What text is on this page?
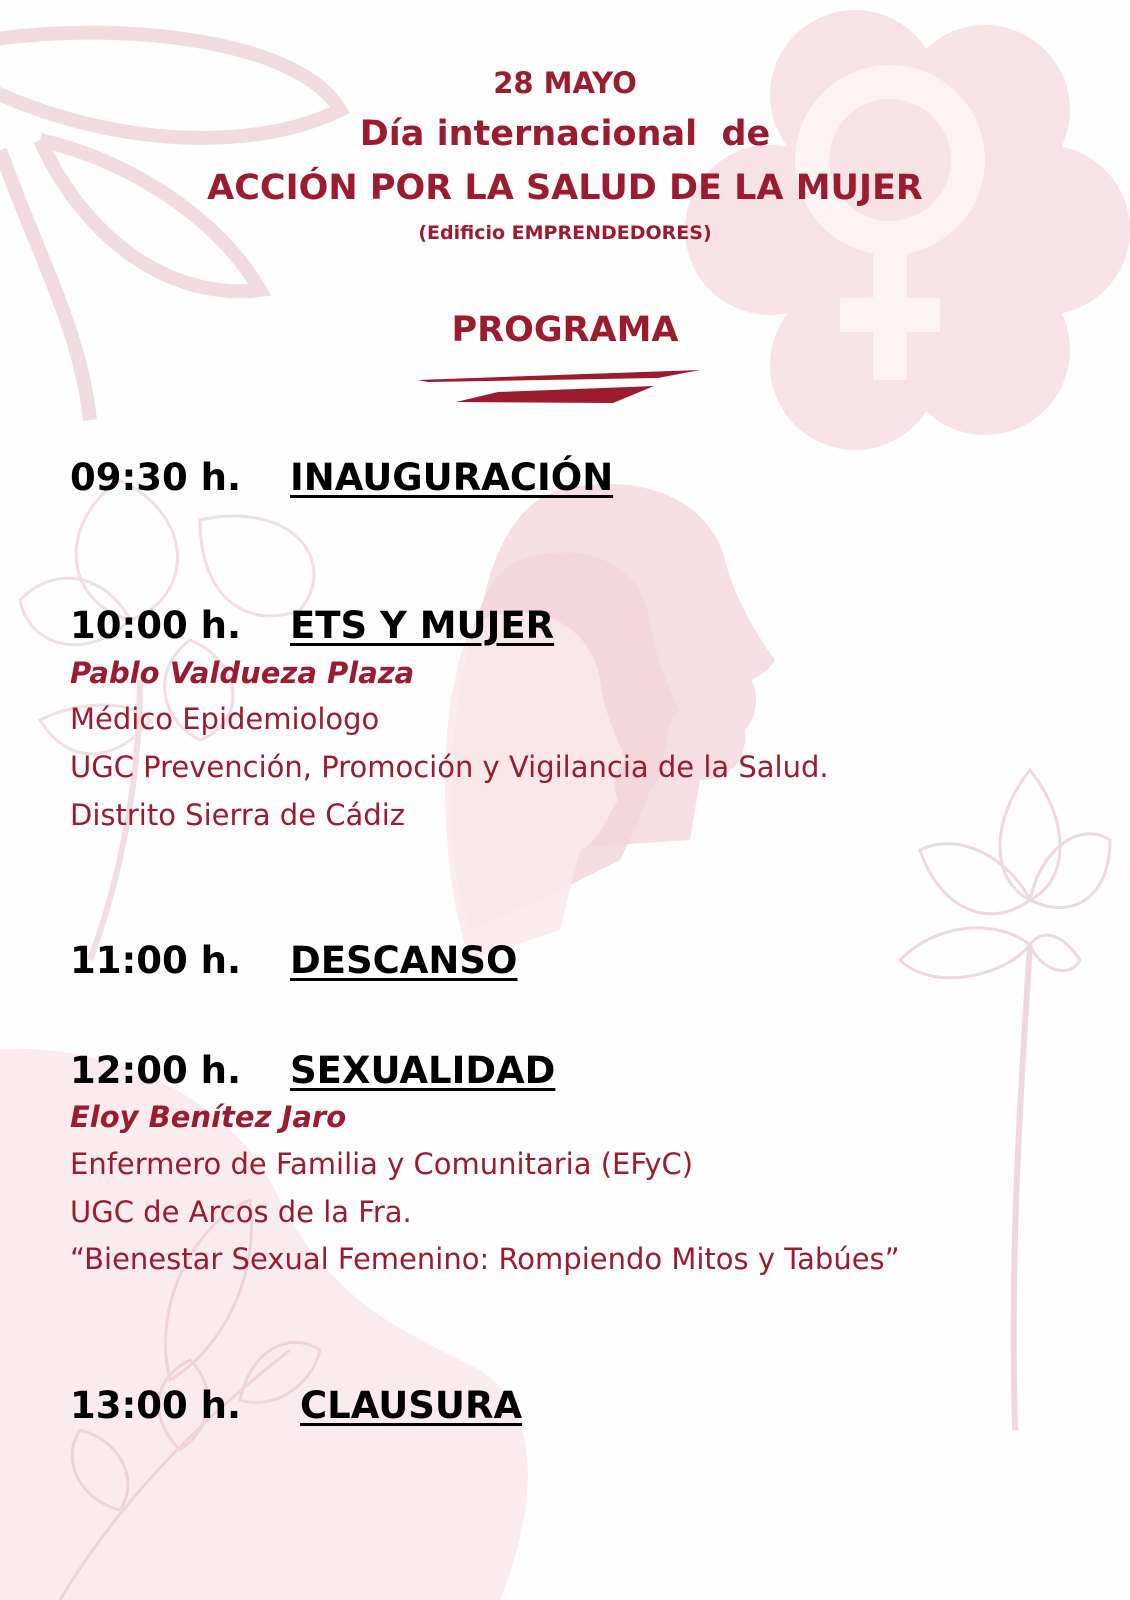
28 MAYO
Día internacional  de
ACCIÓN POR LA SALUD DE LA MUJER
(Edificio EMPRENDEDORES)
PROGRAMA
09:30 h. INAUGURACIÓN
10:00 h. ETS Y MUJER
Pablo Valdueza Plaza
Médico Epidemiologo
UGC Prevención, Promoción y Vigilancia de la Salud.
Distrito Sierra de Cádiz
11:00 h. DESCANSO
12:00 h. SEXUALIDAD
Eloy Benítez Jaro
Enfermero de Familia y Comunitaria (EFyC)
UGC de Arcos de la Fra.
“Bienestar Sexual Femenino: Rompiendo Mitos y Tabúes”
13:00 h. CLAUSURA
